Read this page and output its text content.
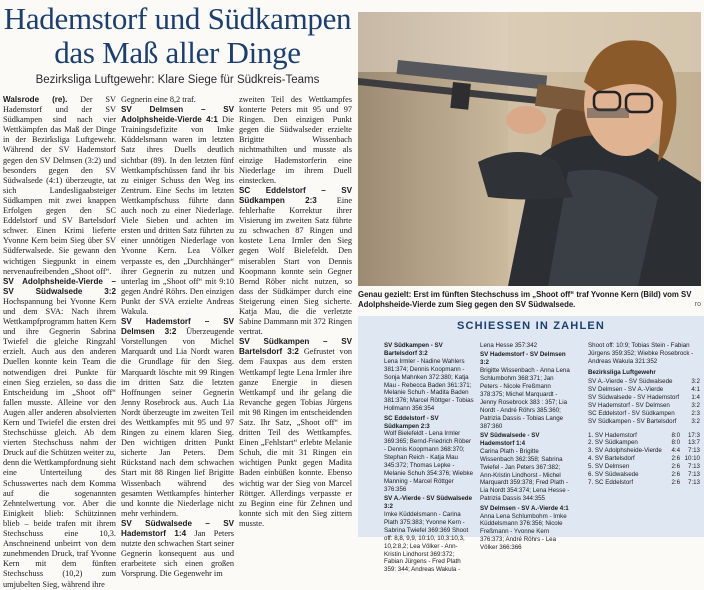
Hademstorf und Südkampen
das Maß aller Dinge
Bezirksliga Luftgewehr: Klare Siege für Südkreis-Teams

Walsrode (re). Der SV Hademstorf und der SV Südkampen sind nach vier Wettkämpfen das Maß der Dinge in der Bezirksliga Luftgewehr. Während der SV Hademstorf gegen den SV Delmsen (3:2) und besonders gegen den SV Südwalsede (4:1) überzeugte, tat sich Landesligaabsteiger Südkampen mit zwei knappen Erfolgen gegen den SC Eddelstorf und SV Bartelsdorf schwer. Einen Krimi lieferte Yvonne Kern beim Sieg über SV Südferwalsede. Sie gewann den wichtigen Siegpunkt in einem nervenaufreibenden „Shoot off“.

SV Adolphsheide-Vierde – SV Südwalsede 3:2 Hochspannung bei Yvonne Kern und dem SVA: Nach ihrem Wettkampfprogramm hatten Kern und ihre Gegnerin Sabrina Twiefel die gleiche Ringzahl erzielt. Auch aus den anderen Duellen konnte kein Team die notwendigen drei Punkte für einen Sieg erzielen, so dass die Entscheidung im „Shoot off“ fallen musste. Alleine vor den Augen aller anderen absolvierten Kern und Twiefel die ersten drei Stechschüsse gleich. Ab dem vierten Stechschuss nahm der Druck auf die Schützen weiter zu, denn die Wettkampfordnung sieht eine Unterteilung des Schusswertes nach dem Komma auf die sogenannten Zehntelwertung vor. Aber die Einigkeit blieb: Schützinnen blieb – beide trafen mit ihrem Stechschuss eine 10,3. Anschneinend unbeirrt von dem zunehmenden Druck, traf Yvonne Kern mit dem fünften Stechschuss (10,2) zum umjubelten Sieg, während ihre

Gegnerin eine 8,2 traf.

SV Delmsen – SV Adolphsheide-Vierde 4:1 Die Trainingsdefizite von Imke Küddelsmann waren im letzten Satz ihres Duells deutlich sichtbar (89). In den letzten fünf Wettkampfschüssen fand ihr bis zu einiger Schuss den Weg ins Zentrum. Eine Sechs im letzten Wettkampfschuss führte dann auch noch zu einer Niederlage. Viele Sieben und achten im ersten und dritten Satz führten zu einer unnötigen Niederlage von Yvonne Kern. Lea Völker verpasste es, den „Durchhänger“ ihrer Gegnerin zu nutzen und unterlag im „Shoot off“ mit 9:10 gegen André Röhrs. Den einzigen Punkt der SVA erzielte Andreas Wakula.

SV Hademstorf – SV Delmsen 3:2 Überzeugende Vorstellungen von Michel Marquardt und Lia Nordt waren die Grundlage für den Sieg. Marquardt löschte mit 99 Ringen im dritten Satz die letzten Hoffnungen seiner Gegnerin Jenny Rosebrock aus. Auch Lia Nordt überzeugte im zweiten Teil des Wettkampfes mit 95 und 97 Ringen zu einem klaren Sieg. Den wichtigen dritten Punkt sicherte Jan Peters. Dem Rückstand nach dem schwachen Start mit 88 Ringen lief Brigitte Wissenbach während des gesamten Wettkampfes hinterher und konnte die Niederlage nicht mehr verhindern.

SV Südwalsede – SV Hademstorf 1:4 Jan Peters nutzte den schwachen Start seiner Gegnerin konsequent aus und erarbeitete sich einen großen Vorsprung. Die Gegenwehr im

zweiten Teil des Wettkampfes konterte Peters mit 95 und 97 Ringen. Den einzigen Punkt gegen die Südwalseder erzielte Brigitte Wissenbach nichtmathilten und musste als einzige Hademstorferin eine Niederlage im ihrem Duell einstecken.

SC Eddelstorf – SV Südkampen 2:3 Eine fehlerhafte Korrektur ihrer Visierung im zweiten Satz führte zu schwachen 87 Ringen und kostete Lena Irmler den Sieg gegen Wolf Bielefeldt. Den miserablen Start von Dennis Koopmann konnte sein Gegner Bernd Röber nicht nutzen, so dass der Südkämper durch eine Steigerung einen Sieg sicherte. Katja Mau, die die verletzte Sabine Dammann mit 372 Ringen vertrat.

SV Südkampen – SV Bartelsdorf 3:2 Gefrustet von dem Fauxpas aus dem ersten Wettkampf legte Lena Irmler ihre ganze Energie in diesen Wettkampf und ihr gelang die Revanche gegen Tobias Jürgens mit 98 Ringen im entscheidenden Satz. Ihr Satz, „Shoot off“ im dritten Teil des Wettkampfes. Einen „Fehlstart“ erlebte Melanie Schuh, die mit 31 Ringen ein wichtigen Punkt gegen Madita Baden einbüßen konnte. Ebenso wichtig war der Sieg von Marcel Röttger. Allerdings verpasste er zu Beginn eine für Zehnen und konnte sich mit den Sieg zittern musste.

Genau gezielt: Erst im fünften Stechschuss im „Shoot off“ traf Yvonne Kern (Bild) vom SV Adolphsheide-Vierde zum Sieg gegen den SV Südwalsede.	ro
SCHIESSEN IN ZAHLEN

SV Südkampen - SV Bartelsdorf 3:2
Lena Irmler - Nadine Wahlers 381:374; Dennis Koopmann - Sonja Mahnken 372:380; Katja Mau - Rebecca Baden 361:371; Melanie Schuh - Madita Baden 381:376; Marcel Röttger - Tobias Hollmann 356:354

SC Eddelstorf - SV Südkampen 2:3
Wolf Bielefeldt - Lena Irmler 369:365; Bernd-Friedrich Röber - Dennis Koopmann 368:370; Stephan Reich - Katja Mau 345:372; Thomas Lepke - Melanie Schuh 354:376; Wiebke Manning - Marcel Röttger 376:356

SV A.-Vierde - SV Südwalsede 3:2
Imke Küddelsmann - Carina Plath 375:383; Yvonne Kern - Sabrina Twiefel 369:369 Shoot off: 8,8, 9,9, 10:10, 10,3:10,3, 10,2:8,2; Lea Völker - Ann-Kristin Lindhorst 369:372; Fabian Jürgens - Fred Plath 359: 344; Andreas Wakula -

Lena Hesse 357:342

SV Hademstorf - SV Delmsen 3:2
Brigitte Wissenbach - Anna Lena Schlumbohm 368:371; Jan Peters - Nicole Freßmann 378:375; Michel Marquardt - Jenny Rosebrock 383 : 357; Lia Nordt - André Röhrs 385:360; Patrizia Dassis - Tobias Lange 387:360

SV Südwalsede - SV Hademstorf 1:4
Carina Plath - Brigitte Wissenbach 362:358; Sabrina Twiefel - Jan Peters 367:382; Ann-Kristin Lindhorst - Michel Marquardt 359:378; Fred Plath - Lia Nordt 354:374; Lena Hesse - Patrizia Dassis 344:355

SV Delmsen - SV A.-Vierde 4:1
Anna Lena Schlumbohm - Imke Küddelsmann 376:356; Nicole Freßmann - Yvonne Kern 376:373; André Röhrs - Lea Völker 366:366

Shoot off: 10:9; Tobias Stein - Fabian Jürgens 359:352; Wiebke Rosebrock - Andreas Wakula 321:352

Bezirksliga Luftgewehr

SV A.-Vierde - SV Südwalsede	3:2
SV Delmsen - SV A.-Vierde	4:1
SV Südwalsede - SV Hademstorf	1:4
SV Hademstorf - SV Delmsen	3:2
SC Eddelstorf - SV Südkampen	2:3
SV Südkampen - SV Bartelsdorf	3:2
1. SV Hademstorf	8:0	17:3
2. SV Südkampen	8:0	13:7
3. SV Adolphsheide-Vierde	4:4	7:13
4. SV Bartelsdorf	2:6	10:10
5. SV Delmsen	2:6	7:13
6. SV Südwalsede	2:6	7:13
7. SC Eddelstorf	2:6	7:13
